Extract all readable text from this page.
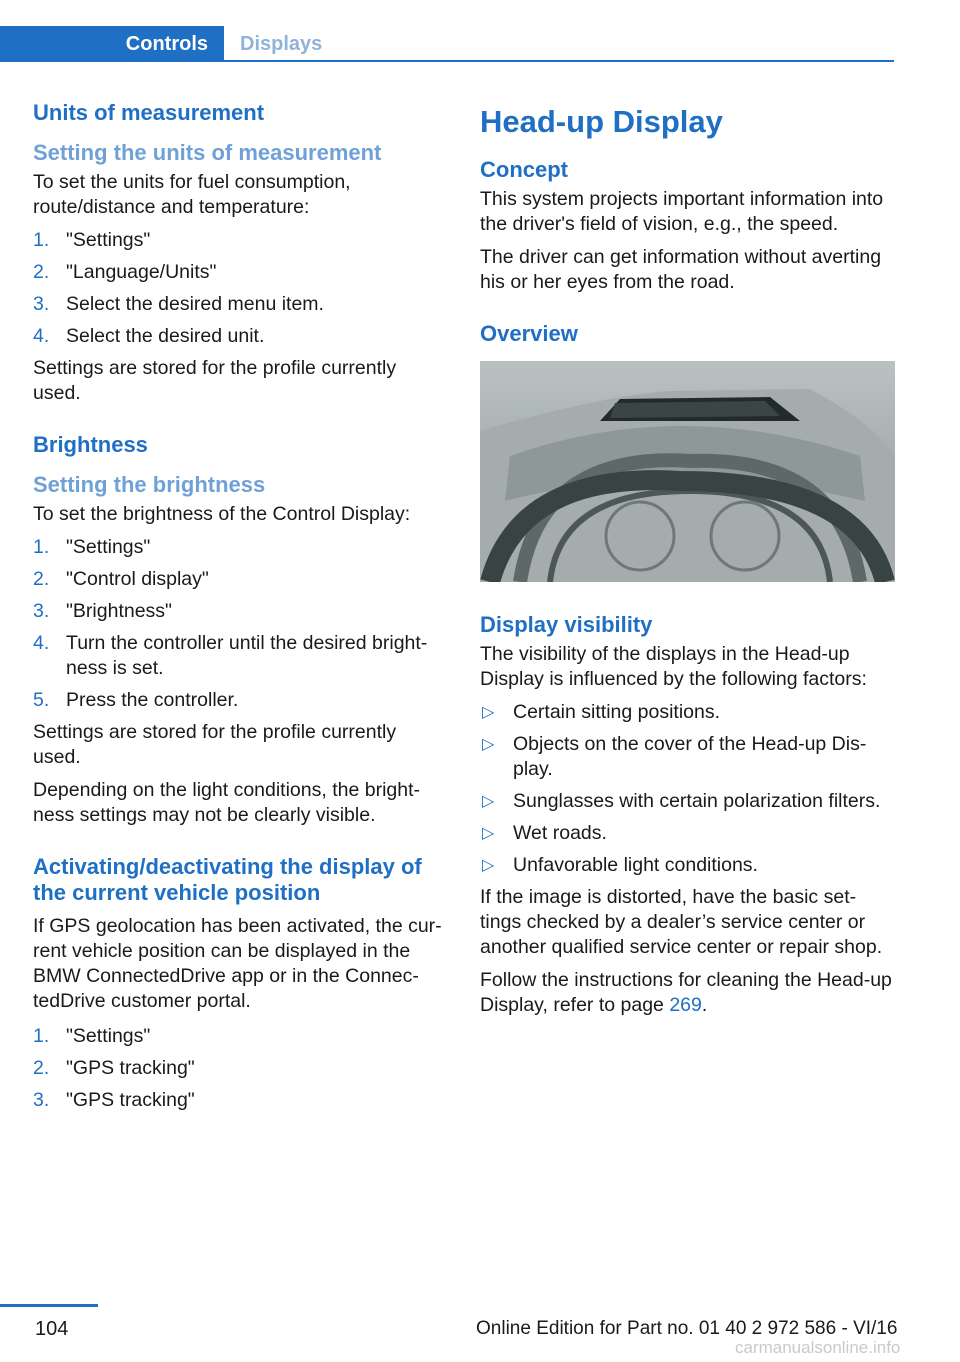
Controls	Displays
Units of measurement
Setting the units of measurement

To set the units for fuel consumption, route/distance and temperature:

1. "Settings"
2. "Language/Units"
3. Select the desired menu item.
4. Select the desired unit.

Settings are stored for the profile currently used.

Brightness
Setting the brightness

To set the brightness of the Control Display:

1. "Settings"
2. "Control display"
3. "Brightness"
4. Turn the controller until the desired bright‐ness is set.
5. Press the controller.

Settings are stored for the profile currently used.

Depending on the light conditions, the bright‐ness settings may not be clearly visible.

Activating/deactivating the display of the current vehicle position

If GPS geolocation has been activated, the cur‐rent vehicle position can be displayed in the BMW ConnectedDrive app or in the Connec‐tedDrive customer portal.

1. "Settings"
2. "GPS tracking"
3. "GPS tracking"
Head-up Display
Concept

This system projects important information into the driver's field of vision, e.g., the speed.

The driver can get information without averting his or her eyes from the road.

Overview
Display visibility

The visibility of the displays in the Head-up Display is influenced by the following factors:

▷ Certain sitting positions.
▷ Objects on the cover of the Head-up Dis‐play.
▷ Sunglasses with certain polarization filters.
▷ Wet roads.
▷ Unfavorable light conditions.

If the image is distorted, have the basic set‐tings checked by a dealer’s service center or another qualified service center or repair shop.

Follow the instructions for cleaning the Head-up Display, refer to page 269.

104	Online Edition for Part no. 01 40 2 972 586 - VI/16
carmanualsonline.info
